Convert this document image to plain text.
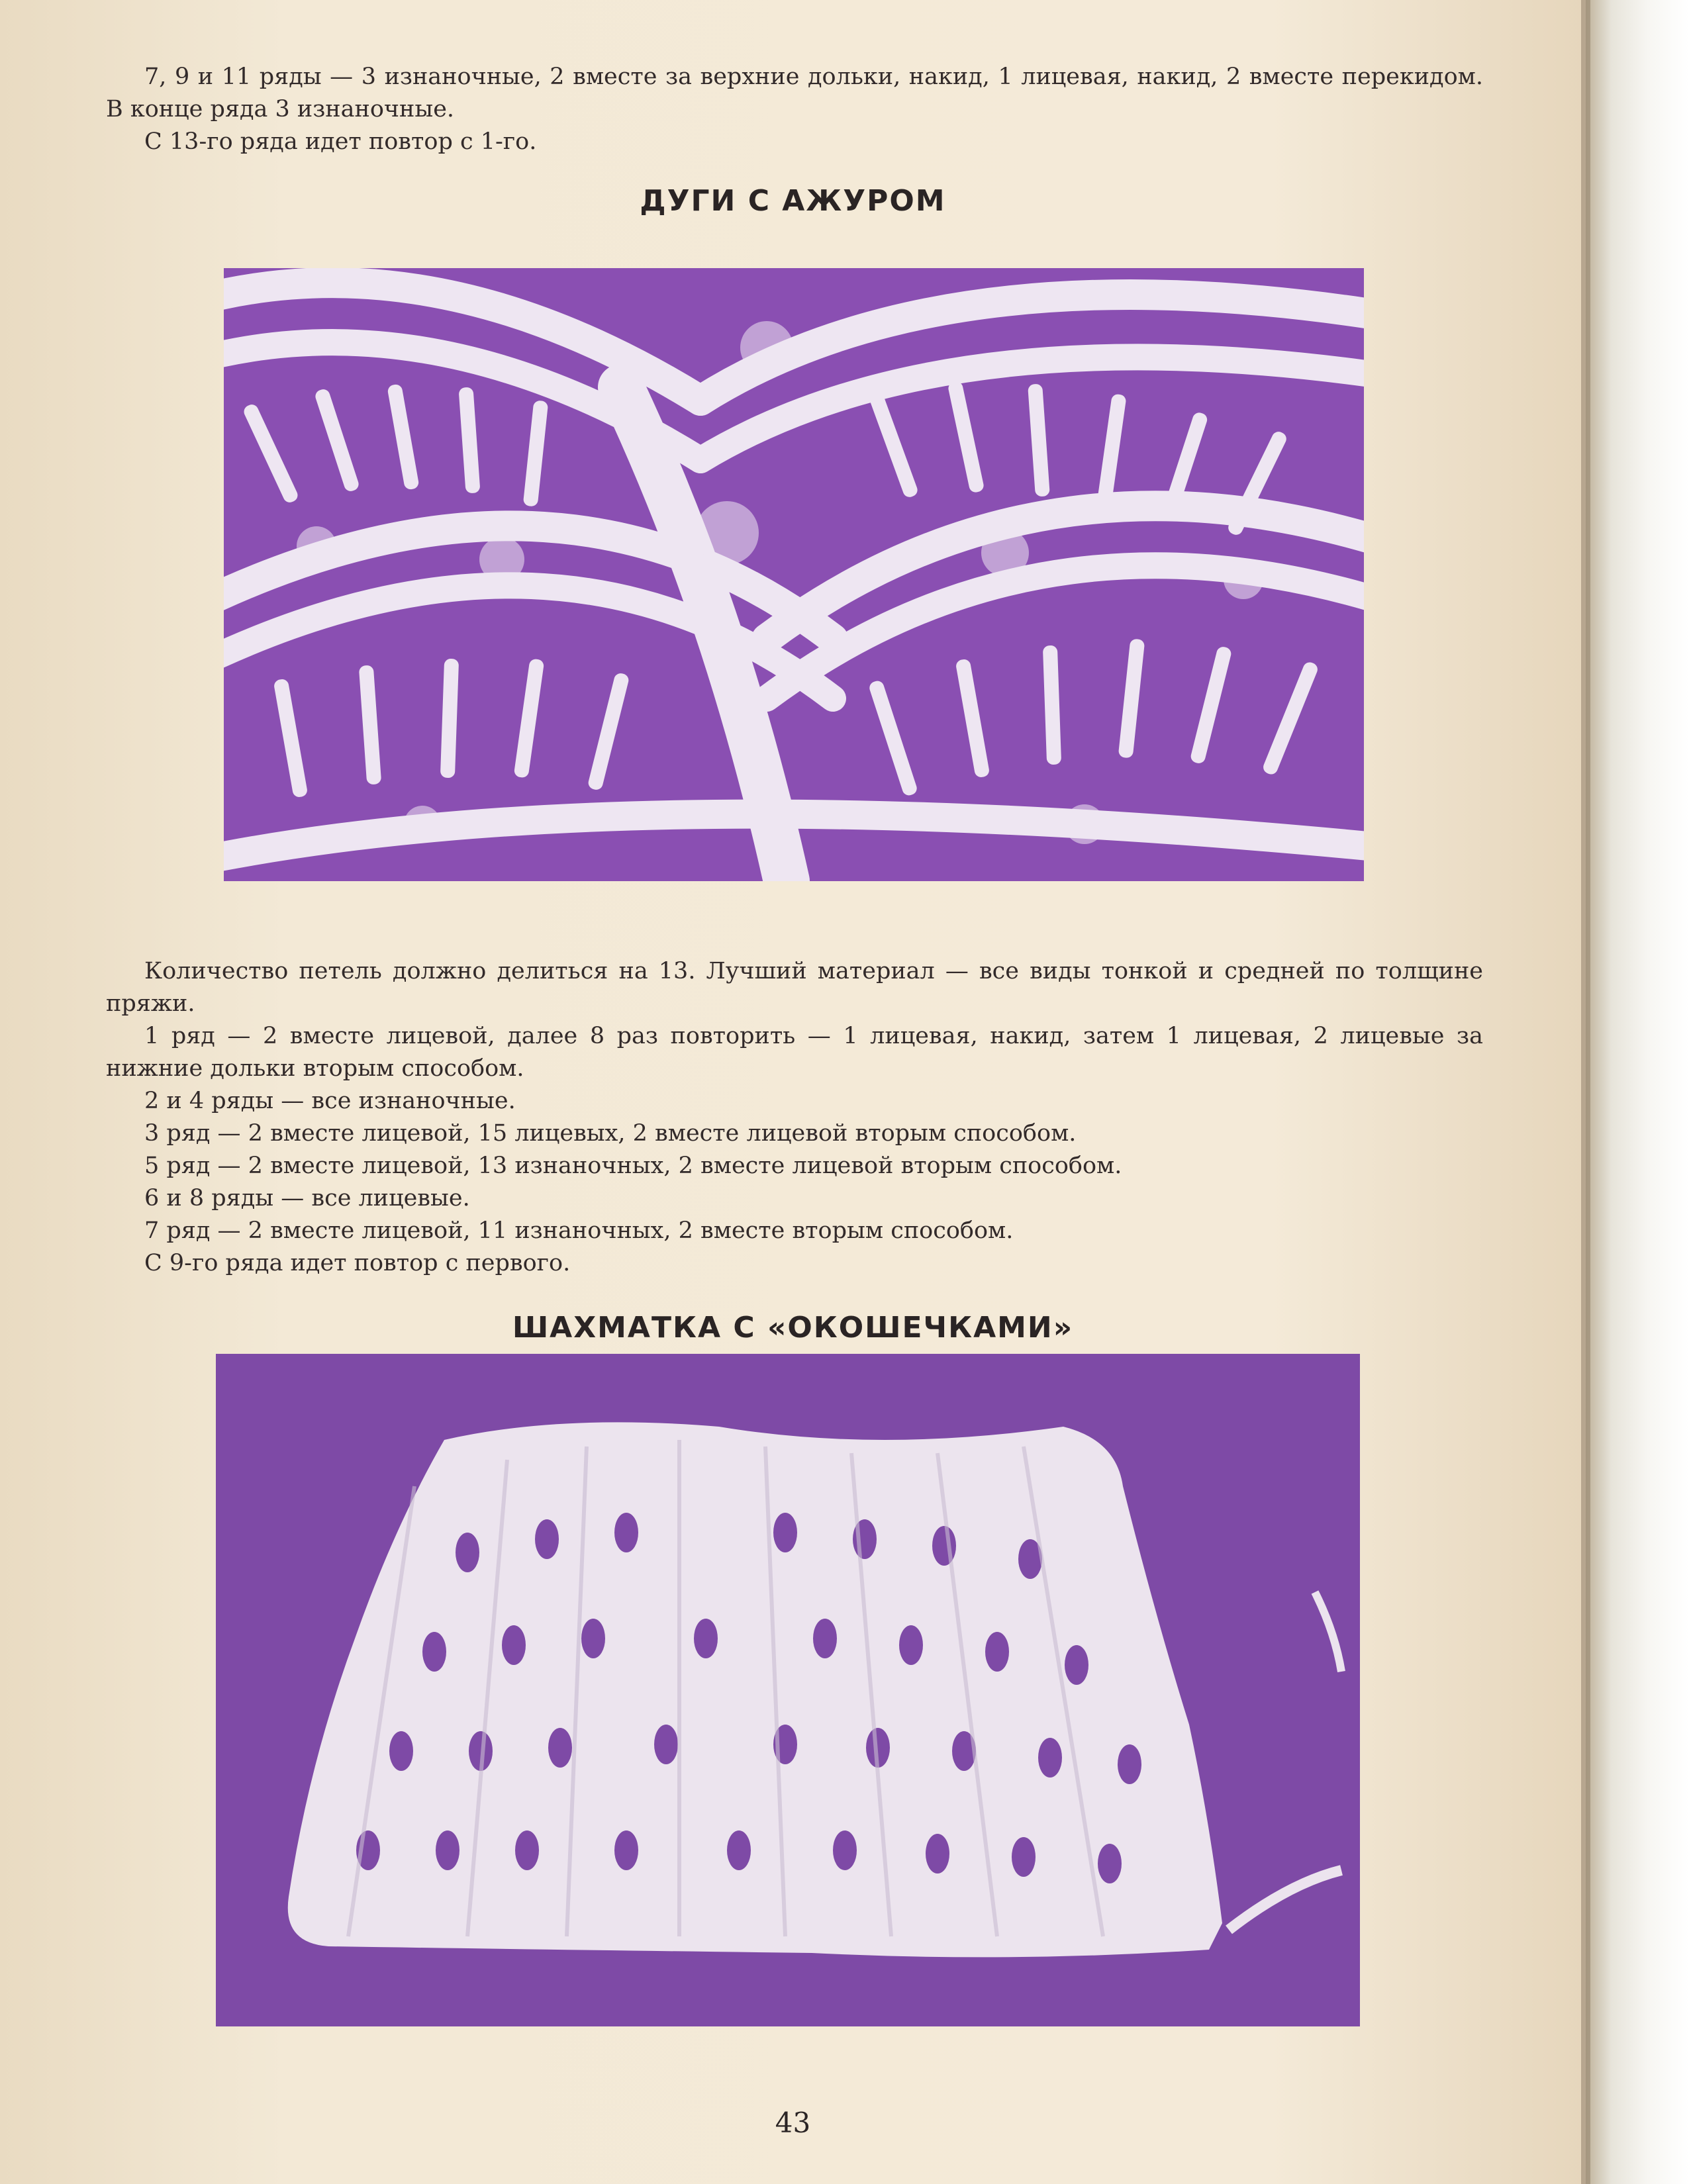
7, 9 и 11 ряды — 3 изнаночные, 2 вместе за верхние дольки, накид, 1 лицевая, накид, 2 вместе перекидом. В конце ряда 3 изнаночные.

С 13-го ряда идет повтор с 1-го.

ДУГИ С АЖУРОМ

Количество петель должно делиться на 13. Лучший материал — все виды тонкой и средней по толщине пряжи.

1 ряд — 2 вместе лицевой, далее 8 раз повторить — 1 лицевая, накид, затем 1 лицевая, 2 лицевые за нижние дольки вторым способом.

2 и 4 ряды — все изнаночные.

3 ряд — 2 вместе лицевой, 15 лицевых, 2 вместе лицевой вторым способом.

5 ряд — 2 вместе лицевой, 13 изнаночных, 2 вместе лицевой вторым способом.

6 и 8 ряды — все лицевые.

7 ряд — 2 вместе лицевой, 11 изнаночных, 2 вместе вторым способом.

С 9-го ряда идет повтор с первого.

ШАХМАТКА С «ОКОШЕЧКАМИ»
43
